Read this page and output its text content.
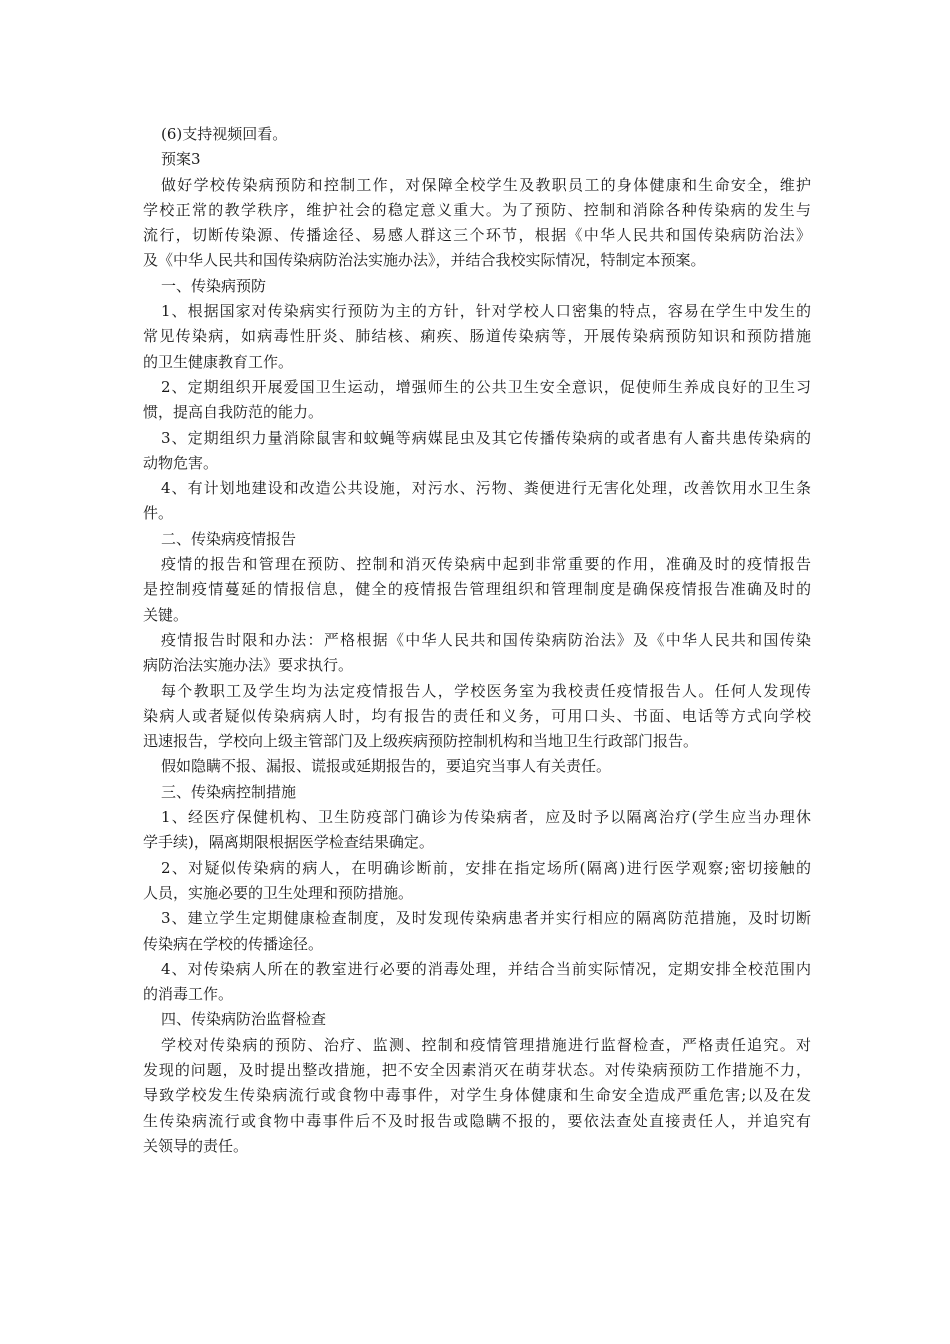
(6)支持视频回看。
预案3
做好学校传染病预防和控制工作，对保障全校学生及教职员工的身体健康和生命安全，维护
学校正常的教学秩序，维护社会的稳定意义重大。为了预防、控制和消除各种传染病的发生与
流行，切断传染源、传播途径、易感人群这三个环节，根据《中华人民共和国传染病防治法》
及《中华人民共和国传染病防治法实施办法》，并结合我校实际情况，特制定本预案。
一、传染病预防
1、根据国家对传染病实行预防为主的方针，针对学校人口密集的特点，容易在学生中发生的
常见传染病，如病毒性肝炎、肺结核、痢疾、肠道传染病等，开展传染病预防知识和预防措施
的卫生健康教育工作。
2、定期组织开展爱国卫生运动，增强师生的公共卫生安全意识，促使师生养成良好的卫生习
惯，提高自我防范的能力。
3、定期组织力量消除鼠害和蚊蝇等病媒昆虫及其它传播传染病的或者患有人畜共患传染病的
动物危害。
4、有计划地建设和改造公共设施，对污水、污物、粪便进行无害化处理，改善饮用水卫生条
件。
二、传染病疫情报告
疫情的报告和管理在预防、控制和消灭传染病中起到非常重要的作用，准确及时的疫情报告
是控制疫情蔓延的情报信息，健全的疫情报告管理组织和管理制度是确保疫情报告准确及时的
关键。
疫情报告时限和办法：严格根据《中华人民共和国传染病防治法》及《中华人民共和国传染
病防治法实施办法》要求执行。
每个教职工及学生均为法定疫情报告人，学校医务室为我校责任疫情报告人。任何人发现传
染病人或者疑似传染病病人时，均有报告的责任和义务，可用口头、书面、电话等方式向学校
迅速报告，学校向上级主管部门及上级疾病预防控制机构和当地卫生行政部门报告。
假如隐瞒不报、漏报、谎报或延期报告的，要追究当事人有关责任。
三、传染病控制措施
1、经医疗保健机构、卫生防疫部门确诊为传染病者，应及时予以隔离治疗(学生应当办理休
学手续)，隔离期限根据医学检查结果确定。
2、对疑似传染病的病人，在明确诊断前，安排在指定场所(隔离)进行医学观察;密切接触的
人员，实施必要的卫生处理和预防措施。
3、建立学生定期健康检查制度，及时发现传染病患者并实行相应的隔离防范措施，及时切断
传染病在学校的传播途径。
4、对传染病人所在的教室进行必要的消毒处理，并结合当前实际情况，定期安排全校范围内
的消毒工作。
四、传染病防治监督检查
学校对传染病的预防、治疗、监测、控制和疫情管理措施进行监督检查，严格责任追究。对
发现的问题，及时提出整改措施，把不安全因素消灭在萌芽状态。对传染病预防工作措施不力，
导致学校发生传染病流行或食物中毒事件，对学生身体健康和生命安全造成严重危害;以及在发
生传染病流行或食物中毒事件后不及时报告或隐瞒不报的，要依法查处直接责任人，并追究有
关领导的责任。
